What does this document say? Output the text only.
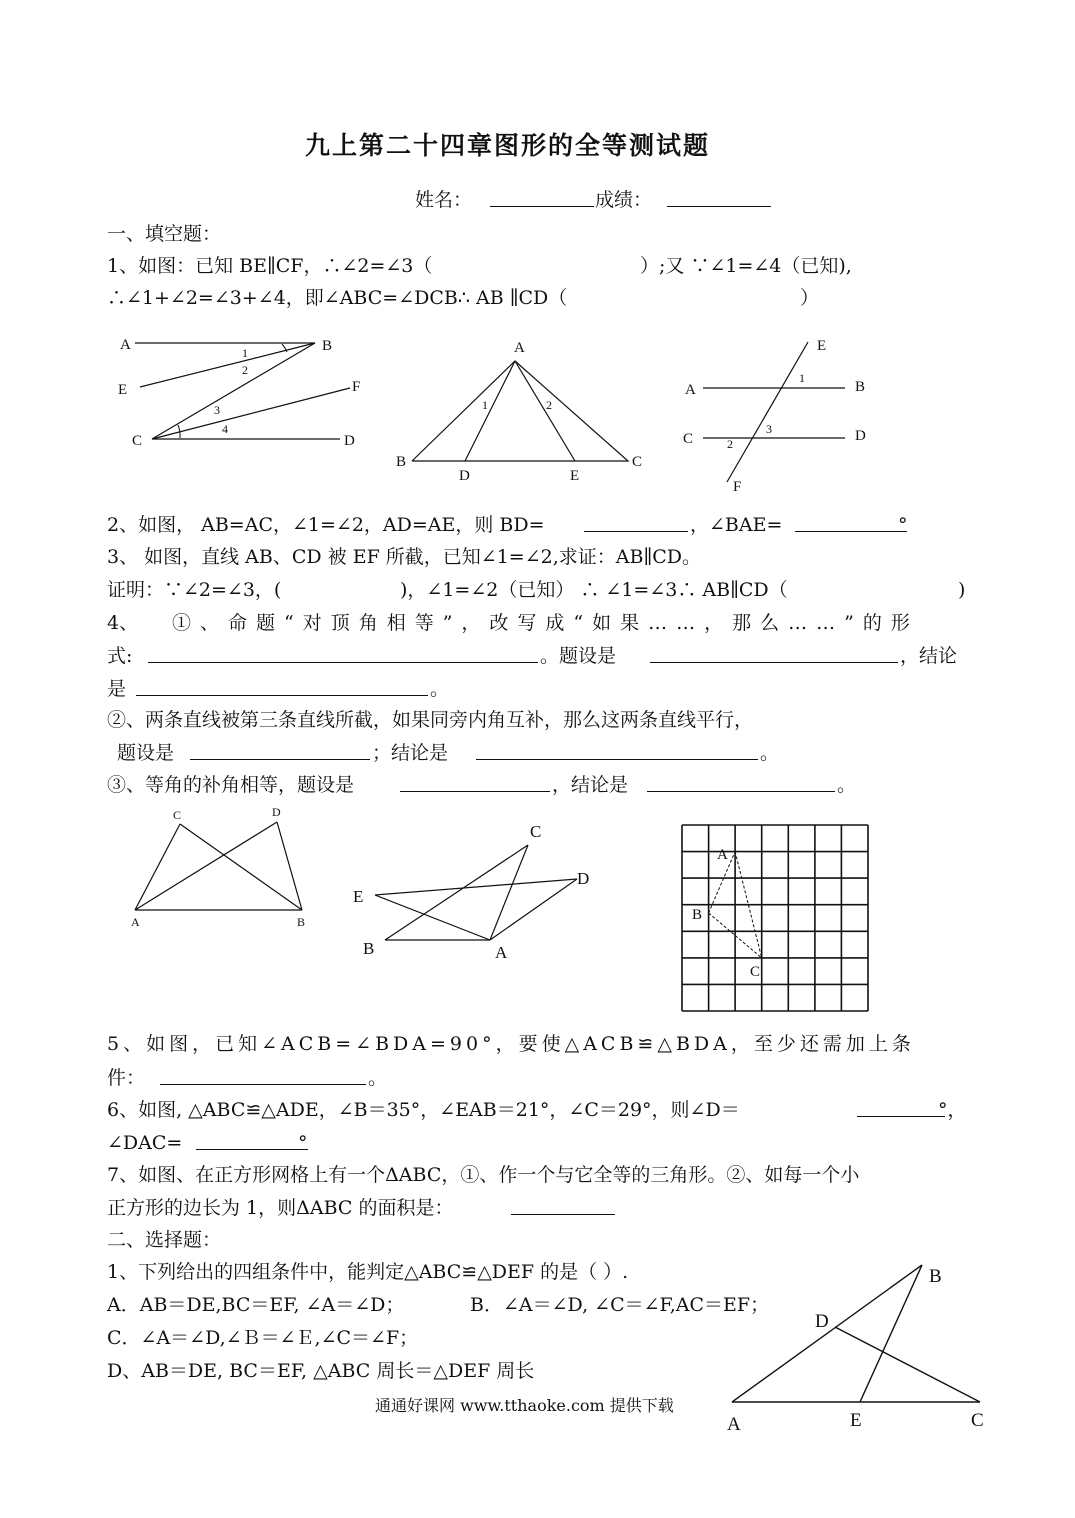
九上第二十四章图形的全等测试题
姓名：	成绩：
一、填空题：
1、如图：已知 BE∥CF，∴∠2=∠3（	）;又 ∵∠1=∠4（已知),
∴∠1+∠2=∠3+∠4，即∠ABC=∠DCB∴ AB ∥CD（	）
A	B
E	F
C	D
1
2
3
4
A
B	C
D	E
1	2
E
F
A	B
C	D
1
2
3
2、如图， AB=AC，∠1=∠2，AD=AE，则 BD=	，∠BAE=	°
3、 如图，直线 AB、CD 被 EF 所截，已知∠1=∠2,求证：AB∥CD。
证明：∵∠2=∠3，(	)，∠1=∠2（已知） ∴ ∠1=∠3∴ AB∥CD（	)
4、 ①、命题“对顶角相等”，改写成“如果……，那么……”的形
式:	。题设是	，结论
是	。
②、两条直线被第三条直线所截，如果同旁内角互补，那么这两条直线平行，
题设是	；结论是	。
③、等角的补角相等，题设是	，结论是	。
C	D
A	B
C
D
E
B	A
A
B
C
5、如图，已知∠ACB=∠BDA=90°，要使△ACB≌△BDA，至少还需加上条
件：	。
6、如图, △ABC≌△ADE，∠B＝35°，∠EAB＝21°，∠C＝29°，则∠D＝	°，
∠DAC=	°
7、如图、在正方形网格上有一个ΔABC，①、作一个与它全等的三角形。②、如每一个小
正方形的边长为 1，则ΔABC 的面积是：
二、选择题：
1、下列给出的四组条件中，能判定△ABC≌△DEF 的是（ ）.
A．AB＝DE,BC＝EF, ∠A＝∠D；	B．∠A＝∠D, ∠C＝∠F,AC＝EF；
C．∠A＝∠D,∠Ｂ＝∠Ｅ,∠C＝∠F；
D、AB＝DE, BC＝EF, △ABC 周长＝△DEF 周长
B
D
A	E	C
通通好课网 www.tthaoke.com 提供下载
